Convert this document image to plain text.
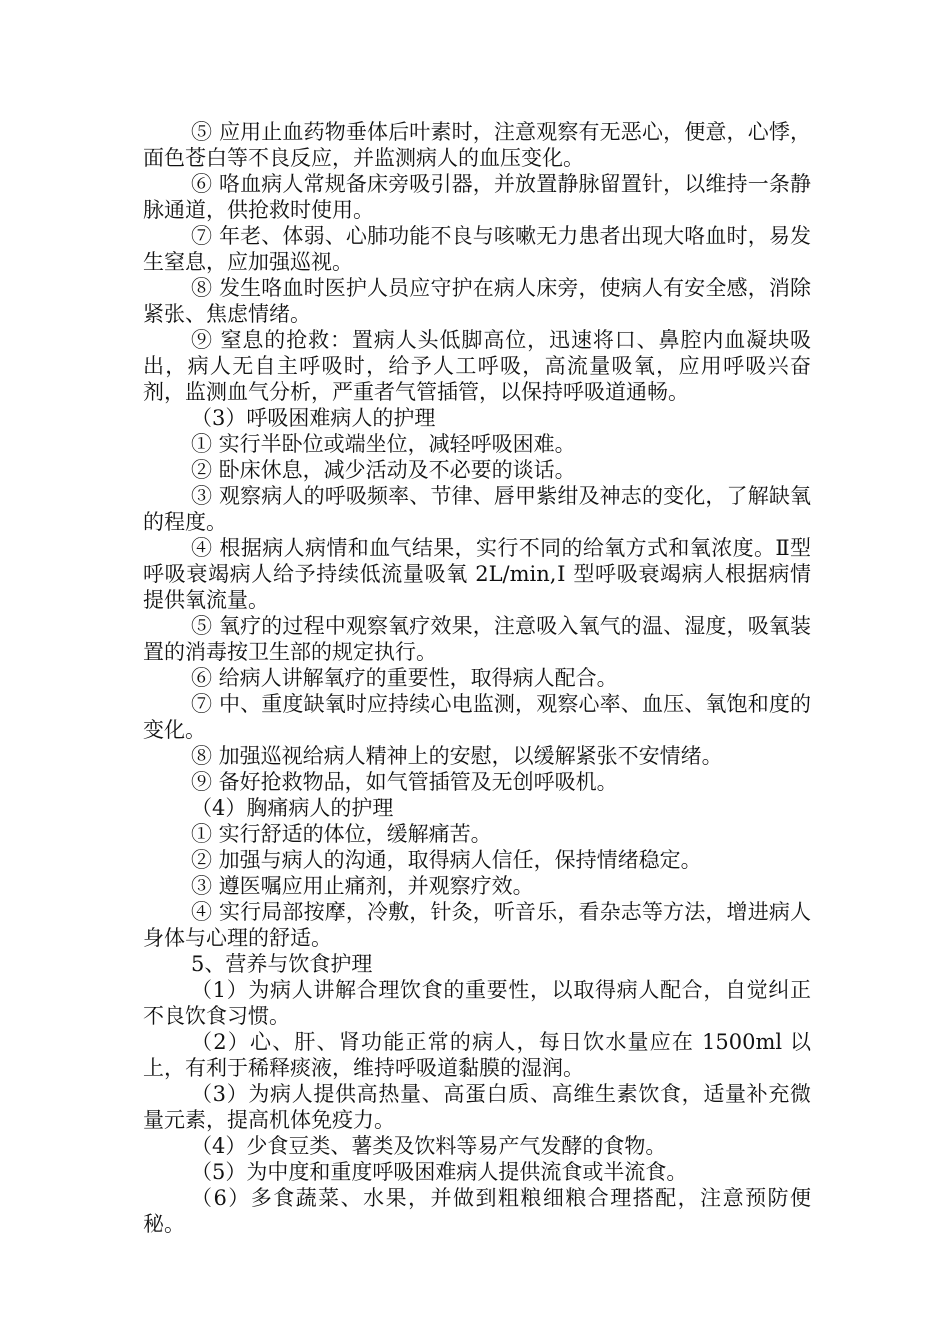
⑤ 应用止血药物垂体后叶素时，注意观察有无恶心，便意，心悸，面色苍白等不良反应，并监测病人的血压变化。

⑥ 咯血病人常规备床旁吸引器，并放置静脉留置针，以维持一条静脉通道，供抢救时使用。

⑦ 年老、体弱、心肺功能不良与咳嗽无力患者出现大咯血时，易发生窒息，应加强巡视。

⑧ 发生咯血时医护人员应守护在病人床旁，使病人有安全感，消除紧张、焦虑情绪。

⑨ 窒息的抢救：置病人头低脚高位，迅速将口、鼻腔内血凝块吸出，病人无自主呼吸时，给予人工呼吸，高流量吸氧，应用呼吸兴奋剂，监测血气分析，严重者气管插管，以保持呼吸道通畅。

（3）呼吸困难病人的护理

① 实行半卧位或端坐位，减轻呼吸困难。

② 卧床休息，减少活动及不必要的谈话。

③ 观察病人的呼吸频率、节律、唇甲紫绀及神志的变化，了解缺氧的程度。

④ 根据病人病情和血气结果，实行不同的给氧方式和氧浓度。Ⅱ型呼吸衰竭病人给予持续低流量吸氧 2L/min,Ⅰ 型呼吸衰竭病人根据病情提供氧流量。

⑤ 氧疗的过程中观察氧疗效果，注意吸入氧气的温、湿度，吸氧装置的消毒按卫生部的规定执行。

⑥ 给病人讲解氧疗的重要性，取得病人配合。

⑦ 中、重度缺氧时应持续心电监测，观察心率、血压、氧饱和度的变化。

⑧ 加强巡视给病人精神上的安慰，以缓解紧张不安情绪。

⑨ 备好抢救物品，如气管插管及无创呼吸机。

（4）胸痛病人的护理

① 实行舒适的体位，缓解痛苦。

② 加强与病人的沟通，取得病人信任，保持情绪稳定。

③ 遵医嘱应用止痛剂，并观察疗效。

④ 实行局部按摩，冷敷，针灸，听音乐，看杂志等方法，增进病人身体与心理的舒适。

5、营养与饮食护理

（1）为病人讲解合理饮食的重要性，以取得病人配合，自觉纠正不良饮食习惯。

（2）心、肝、肾功能正常的病人，每日饮水量应在 1500ml 以上，有利于稀释痰液，维持呼吸道黏膜的湿润。

（3）为病人提供高热量、高蛋白质、高维生素饮食，适量补充微量元素，提高机体免疫力。

（4）少食豆类、薯类及饮料等易产气发酵的食物。

（5）为中度和重度呼吸困难病人提供流食或半流食。

（6）多食蔬菜、水果，并做到粗粮细粮合理搭配，注意预防便秘。
